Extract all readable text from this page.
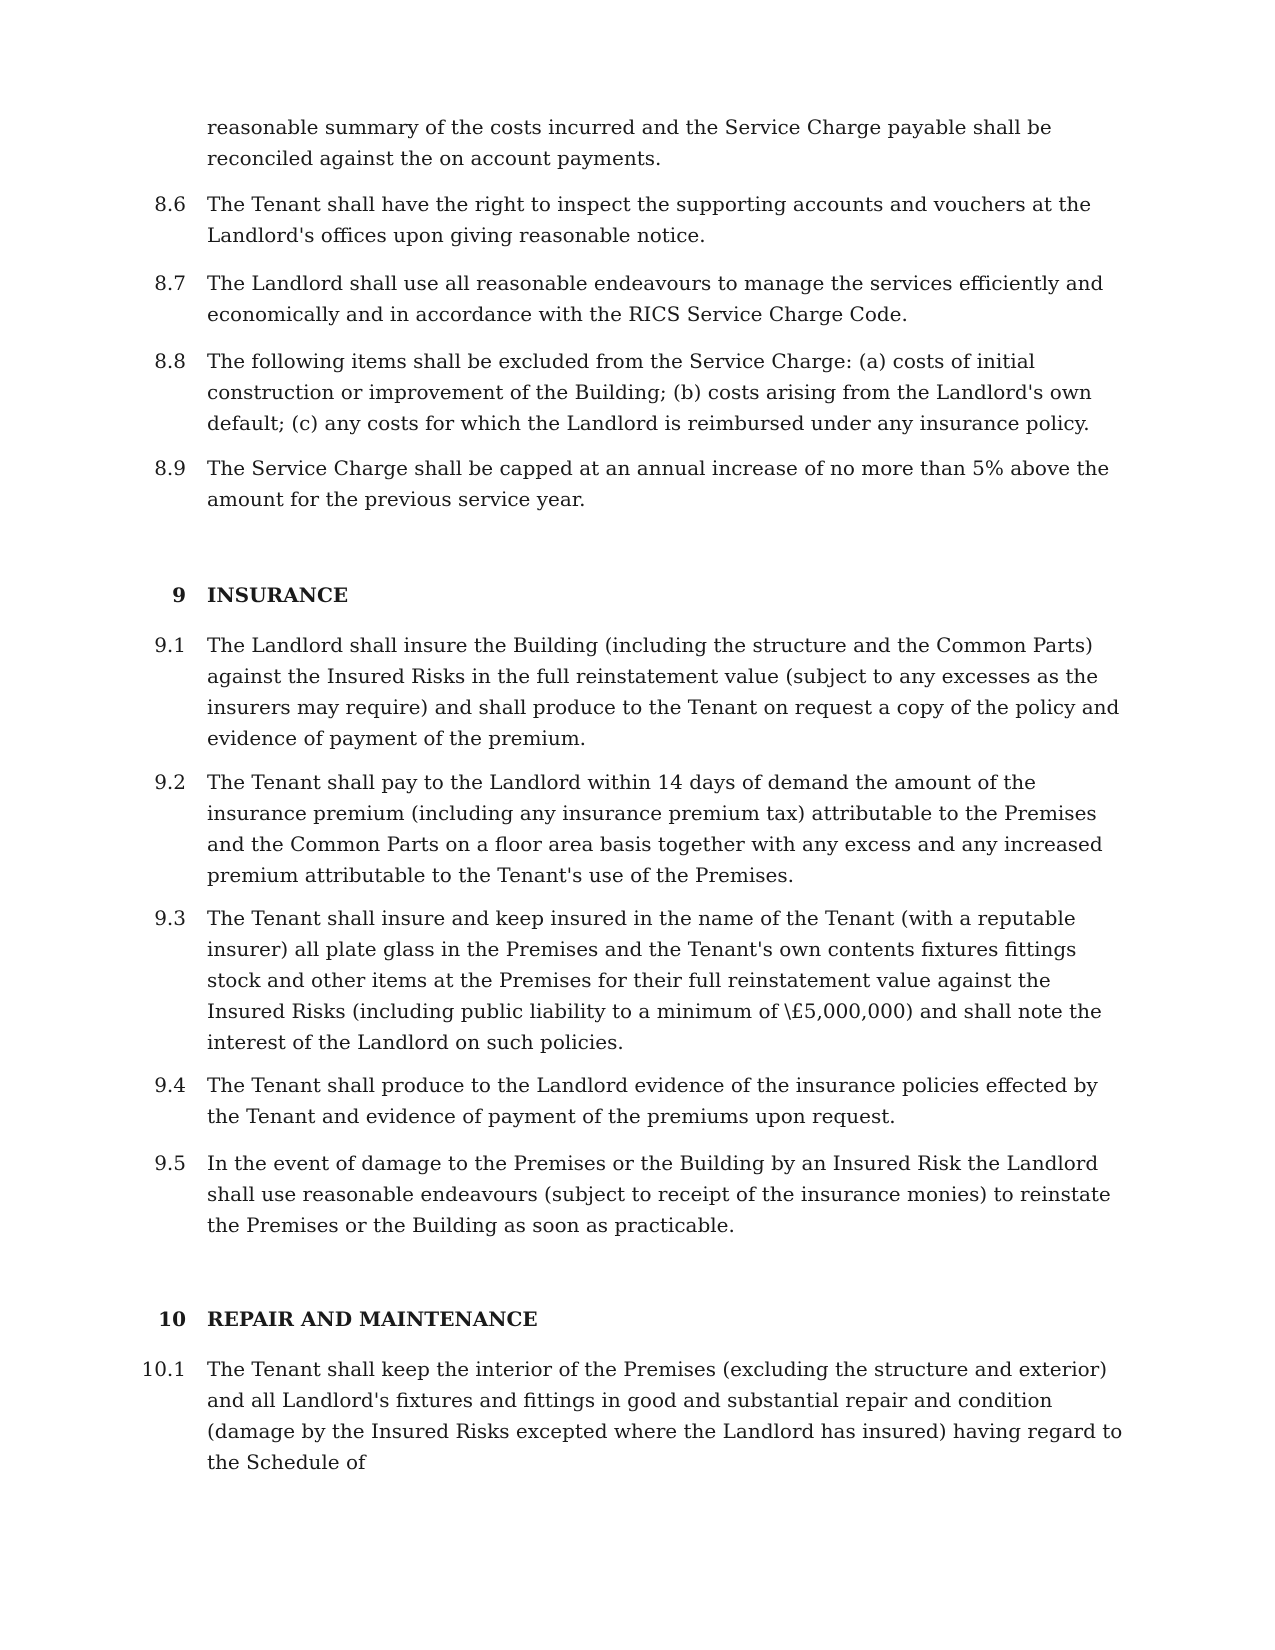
reasonable summary of the costs incurred and the Service Charge payable shall be reconciled against the on account payments.
8.6 The Tenant shall have the right to inspect the supporting accounts and vouchers at the Landlord's offices upon giving reasonable notice.
8.7 The Landlord shall use all reasonable endeavours to manage the services efficiently and economically and in accordance with the RICS Service Charge Code.
8.8 The following items shall be excluded from the Service Charge: (a) costs of initial construction or improvement of the Building; (b) costs arising from the Landlord's own default; (c) any costs for which the Landlord is reimbursed under any insurance policy.
8.9 The Service Charge shall be capped at an annual increase of no more than 5% above the amount for the previous service year.
9 INSURANCE
9.1 The Landlord shall insure the Building (including the structure and the Common Parts) against the Insured Risks in the full reinstatement value (subject to any excesses as the insurers may require) and shall produce to the Tenant on request a copy of the policy and evidence of payment of the premium.
9.2 The Tenant shall pay to the Landlord within 14 days of demand the amount of the insurance premium (including any insurance premium tax) attributable to the Premises and the Common Parts on a floor area basis together with any excess and any increased premium attributable to the Tenant's use of the Premises.
9.3 The Tenant shall insure and keep insured in the name of the Tenant (with a reputable insurer) all plate glass in the Premises and the Tenant's own contents fixtures fittings stock and other items at the Premises for their full reinstatement value against the Insured Risks (including public liability to a minimum of \£5,000,000) and shall note the interest of the Landlord on such policies.
9.4 The Tenant shall produce to the Landlord evidence of the insurance policies effected by the Tenant and evidence of payment of the premiums upon request.
9.5 In the event of damage to the Premises or the Building by an Insured Risk the Landlord shall use reasonable endeavours (subject to receipt of the insurance monies) to reinstate the Premises or the Building as soon as practicable.
10 REPAIR AND MAINTENANCE
10.1 The Tenant shall keep the interior of the Premises (excluding the structure and exterior) and all Landlord's fixtures and fittings in good and substantial repair and condition (damage by the Insured Risks excepted where the Landlord has insured) having regard to the Schedule of
